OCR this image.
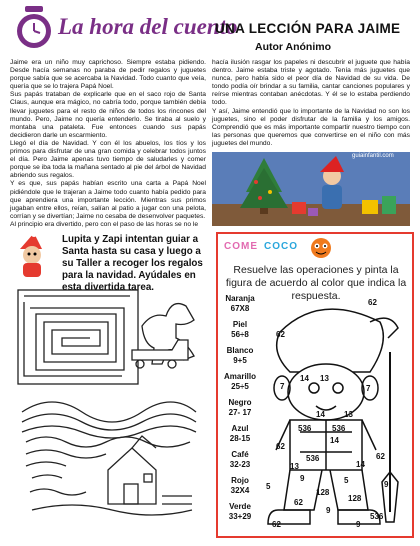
La hora del cuento
UNA LECCIÓN PARA JAIME
Autor Anónimo

Jaime era un niño muy caprichoso. Siempre estaba pidiendo. Desde hacía semanas no paraba de pedir regalos y juguetes porque sabía que se acercaba la Navidad. Todo cuanto que veía, quería que se lo trajera Papá Noel.

Sus papás trataban de explicarle que en el saco rojo de Santa Claus, aunque era mágico, no cabría todo, porque también debía llevar juguetes para el resto de niños de todos los rincones del mundo. Pero, Jaime no quería entenderlo. Se tiraba al suelo y montaba una pataleta. Fue entonces cuando sus papás decidieron darle un escarmiento.

Llegó el día de Navidad. Y con él los abuelos, los tíos y los primos para disfrutar de una gran comida y celebrar todos juntos el día. Pero Jaime apenas tuvo tiempo de saludarles y comer porque se iba toda la mañana sentado al pie del árbol de Navidad abriendo sus regalos.

Y es que, sus papás habían escrito una carta a Papá Noel pidiéndole que le trajeran a Jaime todo cuanto había pedido para que aprendiera una importante lección. Mientras sus primos jugaban entre ellos, reían, salían al patio a jugar con una pelota, corrían y se divertían; Jaime no cesaba de desenvolver paquetes.

Al principio era divertido, pero con el paso de las horas se no le

hacía ilusión rasgar los papeles ni descubrir el juguete que había dentro. Jaime estaba triste y agotado. Tenía más juguetes que nunca, pero había sido el peor día de Navidad de su vida. De tondo podía oír brindar a su familia, cantar canciones populares y reírse mientras contaban anécdotas. Y él se lo estaba perdiendo todo.

Y así, Jaime entendió que lo importante de la Navidad no son los juguetes, sino el poder disfrutar de la familia y los amigos. Comprendió que es más importante compartir nuestro tiempo con las personas que queremos que convertirse en el niño con más juguetes del mundo.

guiainfantil.com
Lupita y Zapi intentan guiar a Santa hasta su casa y luego a su Taller a recoger los regalos para la navidad. Ayúdales en esta divertida tarea.
COME COCO
Resuelve las operaciones y pinta la figura de acuerdo al color que indica la respuesta.
Naranja
67X8
Piel
56÷8
Blanco
9+5
Amarillo
25÷5
Negro
27- 17
Azul
28-15
Café
32-23
Rojo
32X4
Verde
33+29
62
62
7
14 13
7
536	536
14 13
14
62
536
5
9
128
5	9
13
62
14
62
128
9
536
9
62
